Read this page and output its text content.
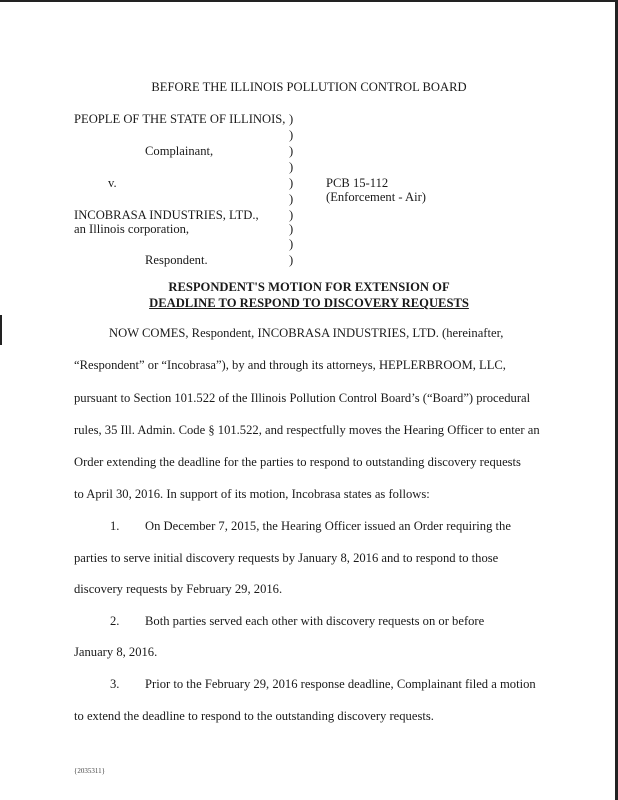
BEFORE THE ILLINOIS POLLUTION CONTROL BOARD
PEOPLE OF THE STATE OF ILLINOIS,
Complainant,
v.
INCOBRASA INDUSTRIES, LTD.,
an Illinois corporation,
Respondent.
PCB 15-112
(Enforcement - Air)
)
)
)
)
)
)
)
)
)
)
RESPONDENT'S MOTION FOR EXTENSION OF
DEADLINE TO RESPOND TO DISCOVERY REQUESTS
NOW COMES, Respondent, INCOBRASA INDUSTRIES, LTD. (hereinafter,
“Respondent” or “Incobrasa”), by and through its attorneys, HEPLERBROOM, LLC,
pursuant to Section 101.522 of the Illinois Pollution Control Board’s (“Board”) procedural
rules, 35 Ill. Admin. Code § 101.522, and respectfully moves the Hearing Officer to enter an
Order extending the deadline for the parties to respond to outstanding discovery requests
to April 30, 2016. In support of its motion, Incobrasa states as follows:
1. On December 7, 2015, the Hearing Officer issued an Order requiring the
parties to serve initial discovery requests by January 8, 2016 and to respond to those
discovery requests by February 29, 2016.
2. Both parties served each other with discovery requests on or before
January 8, 2016.
3. Prior to the February 29, 2016 response deadline, Complainant filed a motion
to extend the deadline to respond to the outstanding discovery requests.
{2035311}
